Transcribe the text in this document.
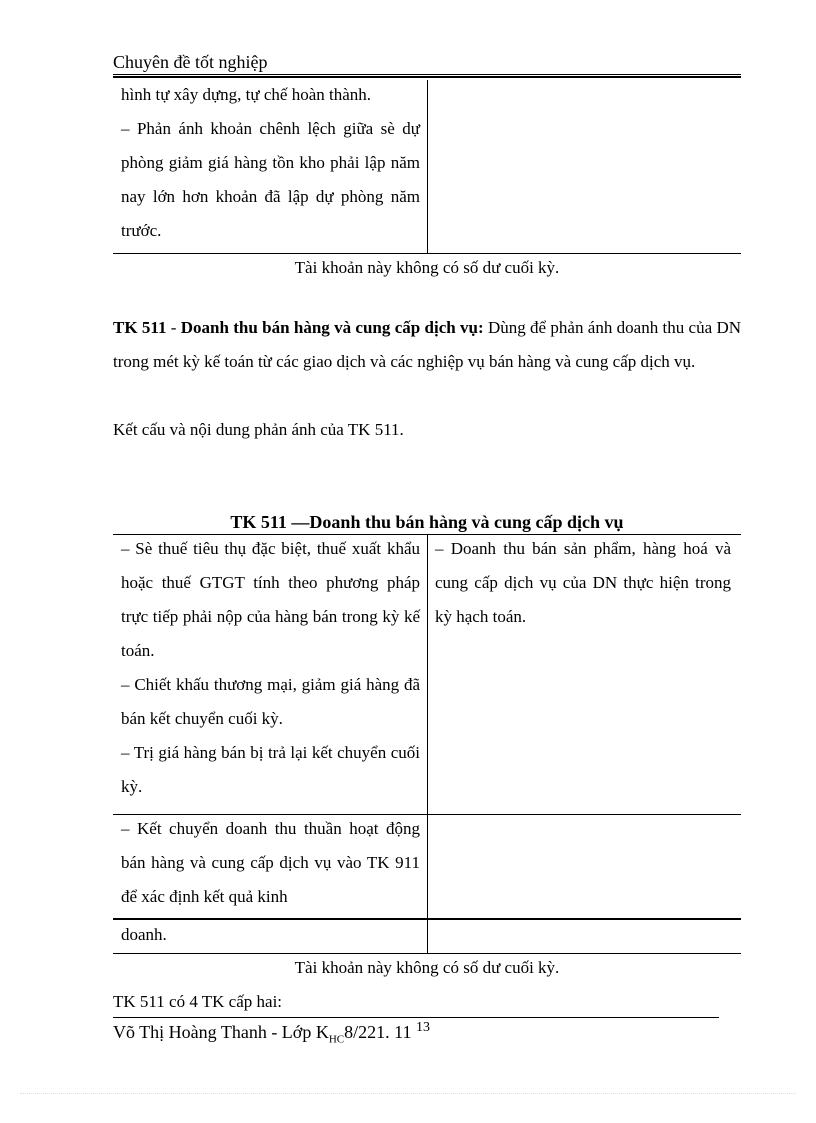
Chuyên đề tốt nghiệp

hình tự xây dựng, tự chế hoàn thành.

– Phản ánh khoản chênh lệch giữa sè dự phòng giảm giá hàng tồn kho phải lập năm nay lớn hơn khoản đã lập dự phòng năm trước.

Tài khoản này không có số dư cuối kỳ.
TK 511 - Doanh thu bán hàng và cung cấp dịch vụ: Dùng để phản ánh doanh thu của DN trong mét kỳ kế toán từ các giao dịch và các nghiệp vụ bán hàng và cung cấp dịch vụ.
Kết cấu và nội dung phản ánh của TK 511.
TK 511 —Doanh thu bán hàng và cung cấp dịch vụ

– Sè thuế tiêu thụ đặc biệt, thuế xuất khẩu hoặc thuế GTGT tính theo phương pháp trực tiếp phải nộp của hàng bán trong kỳ kế toán.

– Chiết khấu thương mại, giảm giá hàng đã bán kết chuyển cuối kỳ.

– Trị giá hàng bán bị trả lại kết chuyển cuối kỳ.

– Doanh thu bán sản phẩm, hàng hoá và cung cấp dịch vụ của DN thực hiện trong kỳ hạch toán.

– Kết chuyển doanh thu thuần hoạt động bán hàng và cung cấp dịch vụ vào TK 911 để xác định kết quả kinh

doanh.

Tài khoản này không có số dư cuối kỳ.
TK 511 có 4 TK cấp hai:
Võ Thị Hoàng Thanh - Lớp $K_{HC}8/221$. 11 $^{13}$
